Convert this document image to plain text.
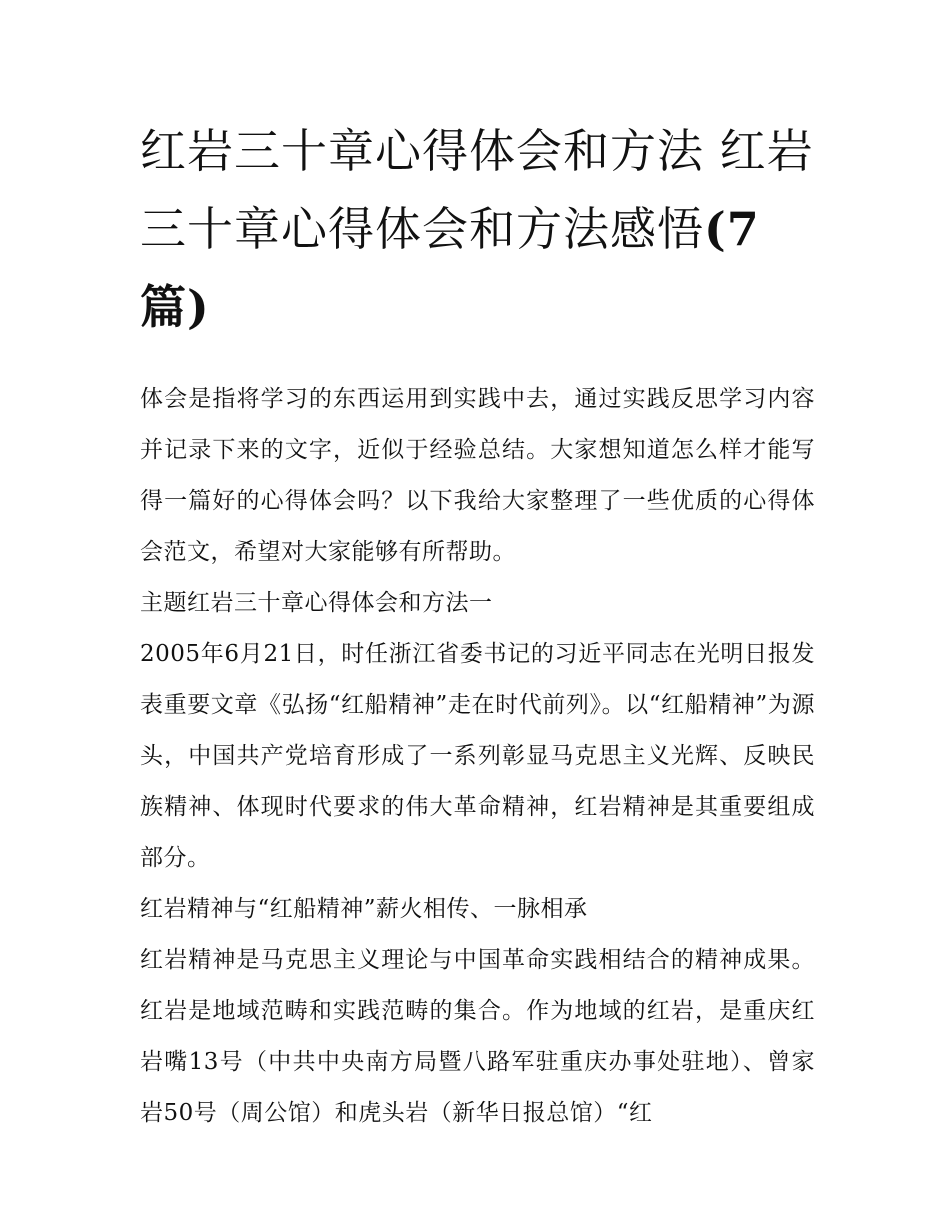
红岩三十章心得体会和方法 红岩三十章心得体会和方法感悟(7篇)

体会是指将学习的东西运用到实践中去，通过实践反思学习内容并记录下来的文字，近似于经验总结。大家想知道怎么样才能写得一篇好的心得体会吗？以下我给大家整理了一些优质的心得体会范文，希望对大家能够有所帮助。

主题红岩三十章心得体会和方法一

2005年6月21日，时任浙江省委书记的习近平同志在光明日报发表重要文章《弘扬“红船精神”走在时代前列》。以“红船精神”为源头，中国共产党培育形成了一系列彰显马克思主义光辉、反映民族精神、体现时代要求的伟大革命精神，红岩精神是其重要组成部分。

红岩精神与“红船精神”薪火相传、一脉相承

红岩精神是马克思主义理论与中国革命实践相结合的精神成果。红岩是地域范畴和实践范畴的集合。作为地域的红岩，是重庆红岩嘴13号（中共中央南方局暨八路军驻重庆办事处驻地）、曾家岩50号（周公馆）和虎头岩（新华日报总馆）“红
